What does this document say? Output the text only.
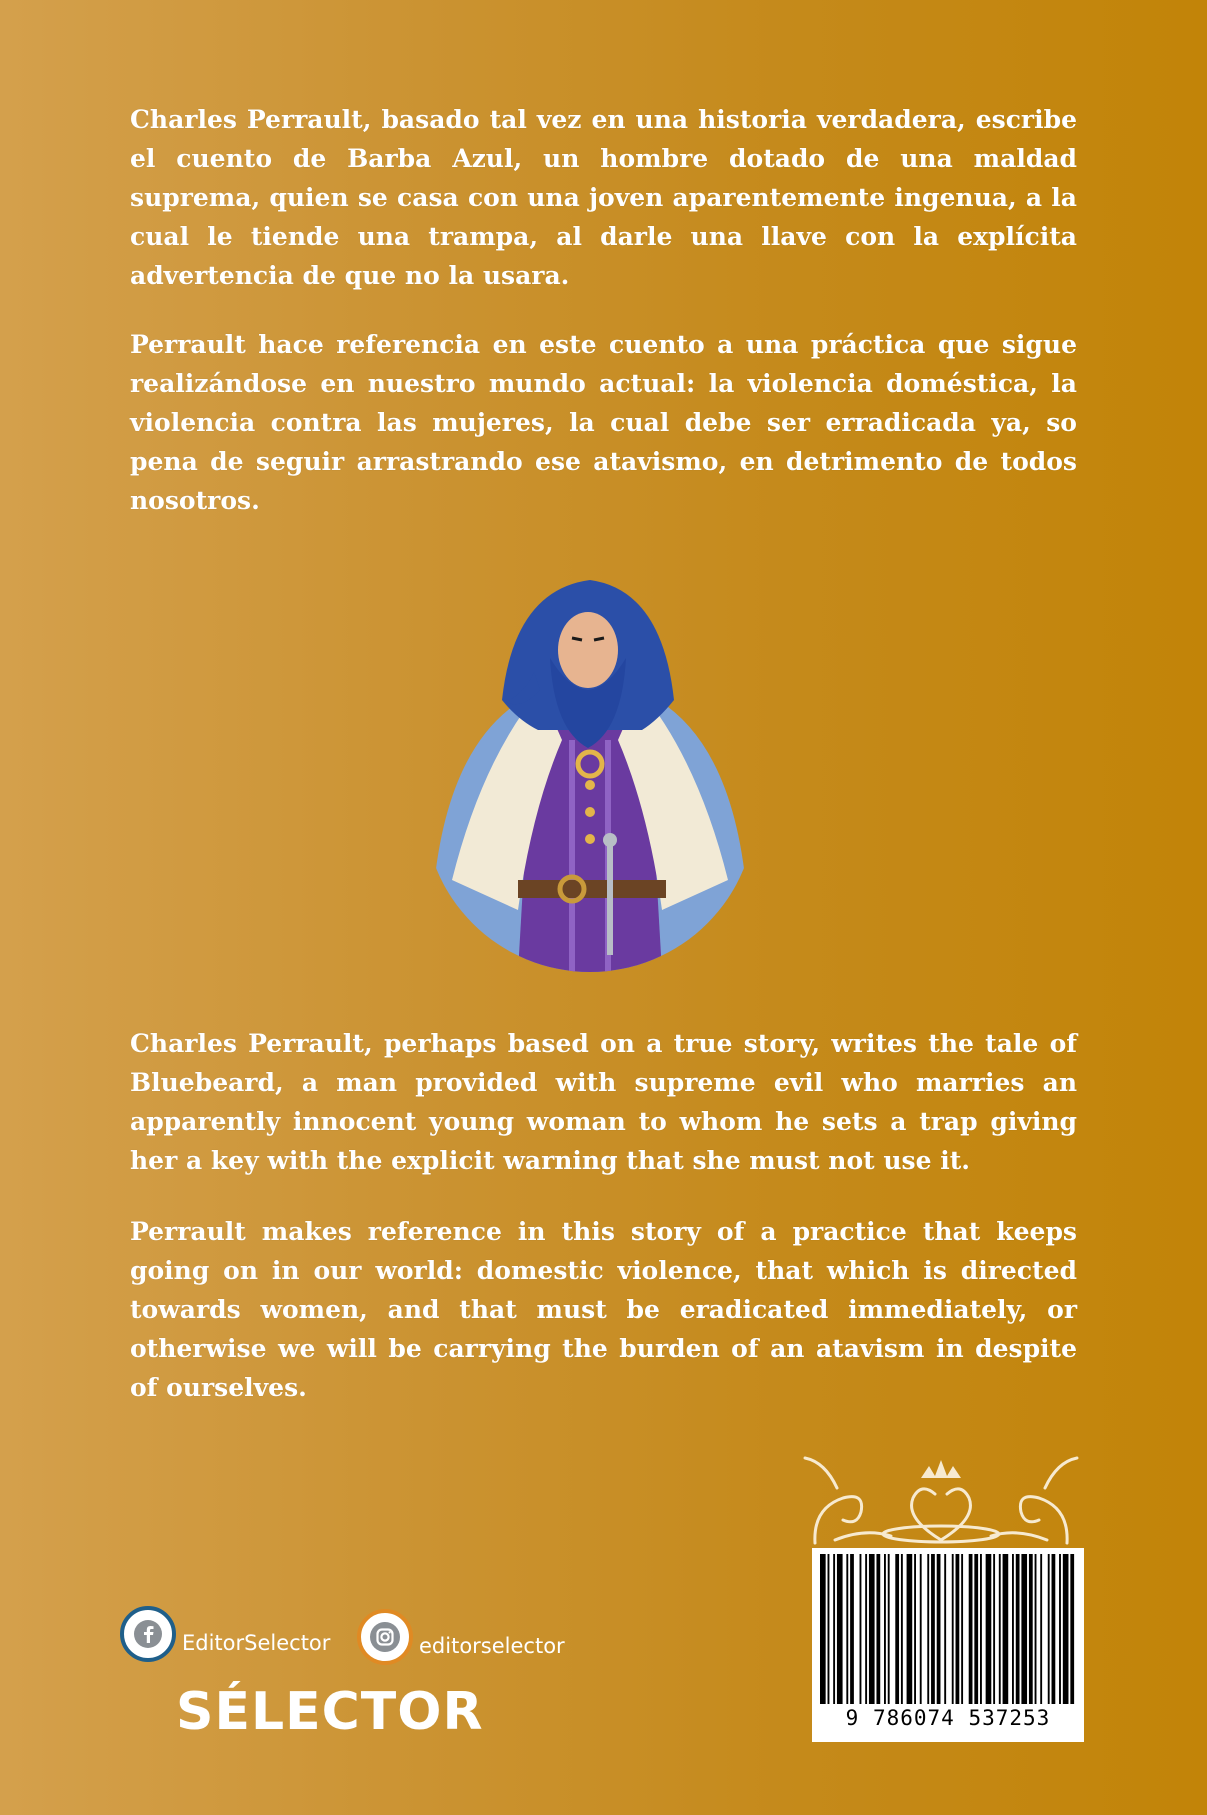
Charles Perrault, basado tal vez en una historia verdadera, escribe el cuento de Barba Azul, un hombre dotado de una maldad suprema, quien se casa con una joven aparentemente ingenua, a la cual le tiende una trampa, al darle una llave con la explícita advertencia de que no la usara.

Perrault hace referencia en este cuento a una práctica que sigue realizándose en nuestro mundo actual: la violencia doméstica, la violencia contra las mujeres, la cual debe ser erradicada ya, so pena de seguir arrastrando ese atavismo, en detrimento de todos nosotros.

Charles Perrault, perhaps based on a true story, writes the tale of Bluebeard, a man provided with supreme evil who marries an apparently innocent young woman to whom he sets a trap giving her a key with the explicit warning that she must not use it.

Perrault makes reference in this story of a practice that keeps going on in our world: domestic violence, that which is directed towards women, and that must be eradicated immediately, or otherwise we will be carrying the burden of an atavism in despite of ourselves.

EditorSelector	editorselector

SÉLECTOR	9 786074 537253
